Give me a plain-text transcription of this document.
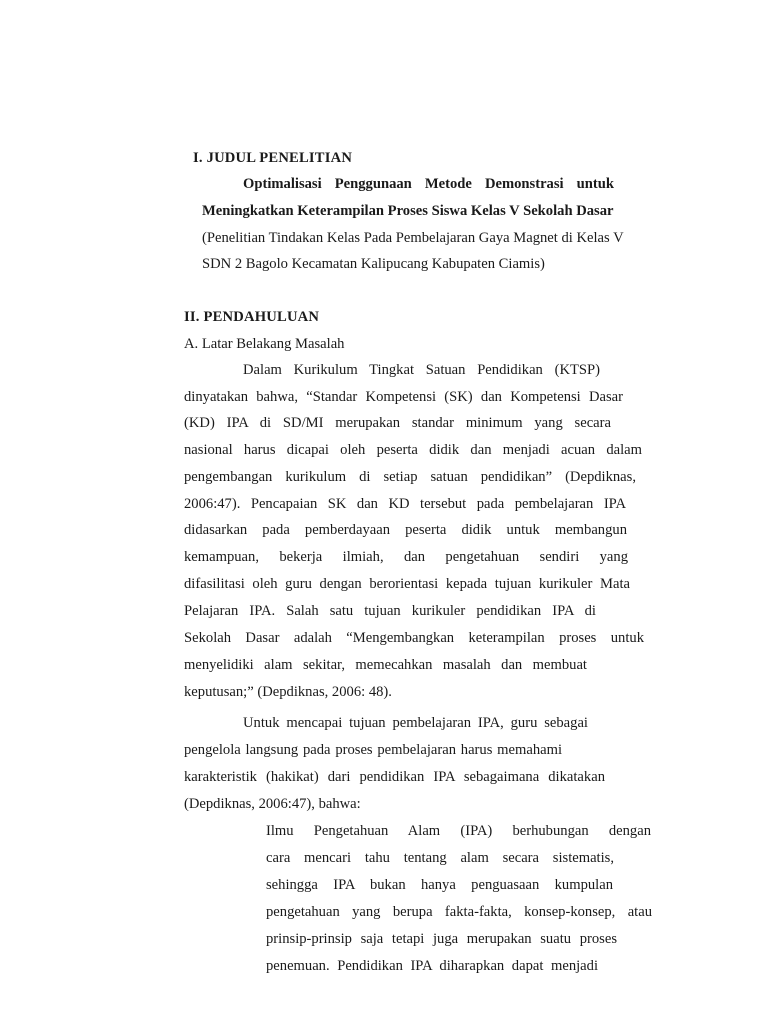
I. JUDUL PENELITIAN
Optimalisasi Penggunaan Metode Demonstrasi untuk
Meningkatkan Keterampilan Proses Siswa Kelas V Sekolah Dasar
(Penelitian Tindakan Kelas Pada Pembelajaran Gaya Magnet di Kelas V
SDN 2 Bagolo Kecamatan Kalipucang Kabupaten Ciamis)
II. PENDAHULUAN
A. Latar Belakang Masalah
Dalam Kurikulum Tingkat Satuan Pendidikan (KTSP)
dinyatakan bahwa, “Standar Kompetensi (SK) dan Kompetensi Dasar
(KD) IPA di SD/MI merupakan standar minimum yang secara
nasional harus dicapai oleh peserta didik dan menjadi acuan dalam
pengembangan kurikulum di setiap satuan pendidikan” (Depdiknas,
2006:47). Pencapaian SK dan KD tersebut pada pembelajaran IPA
didasarkan pada pemberdayaan peserta didik untuk membangun
kemampuan, bekerja ilmiah, dan pengetahuan sendiri yang
difasilitasi oleh guru dengan berorientasi kepada tujuan kurikuler Mata
Pelajaran IPA. Salah satu tujuan kurikuler pendidikan IPA di
Sekolah Dasar adalah “Mengembangkan keterampilan proses untuk
menyelidiki alam sekitar, memecahkan masalah dan membuat
keputusan;” (Depdiknas, 2006: 48).
Untuk mencapai tujuan pembelajaran IPA, guru sebagai
pengelola langsung pada proses pembelajaran harus memahami
karakteristik (hakikat) dari pendidikan IPA sebagaimana dikatakan
(Depdiknas, 2006:47), bahwa:
Ilmu Pengetahuan Alam (IPA) berhubungan dengan
cara mencari tahu tentang alam secara sistematis,
sehingga IPA bukan hanya penguasaan kumpulan
pengetahuan yang berupa fakta-fakta, konsep-konsep, atau
prinsip-prinsip saja tetapi juga merupakan suatu proses
penemuan. Pendidikan IPA diharapkan dapat menjadi
